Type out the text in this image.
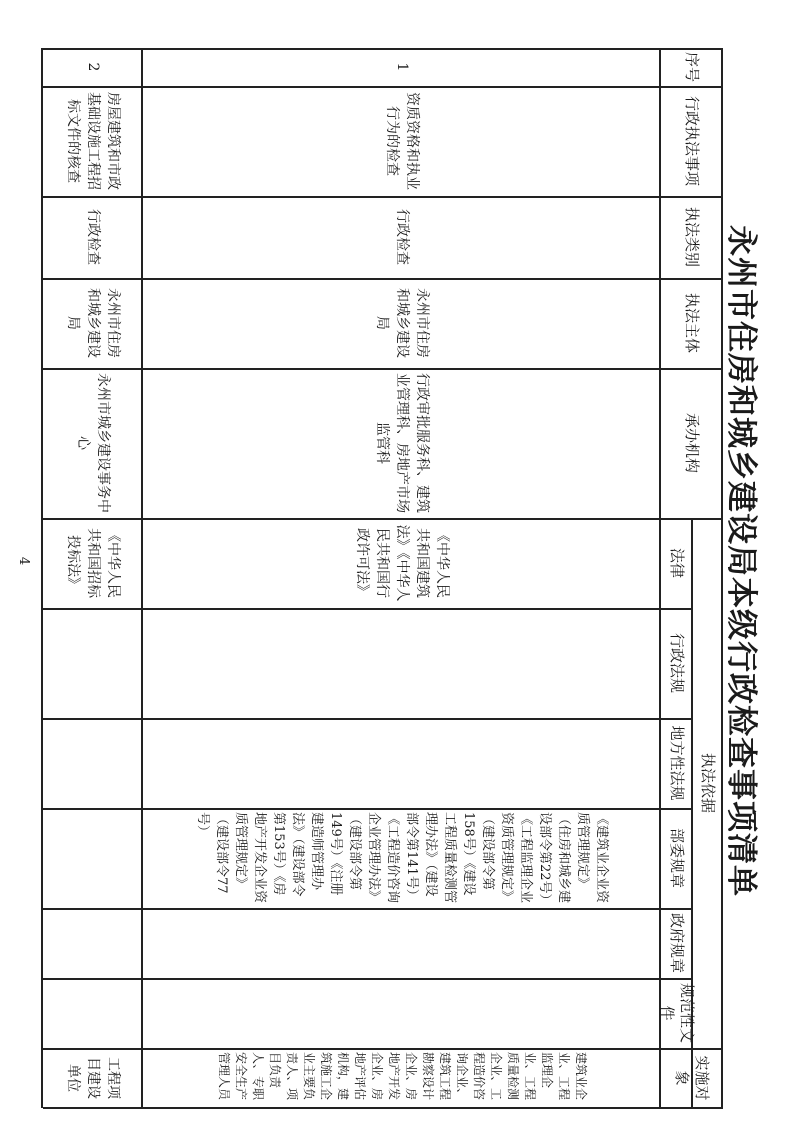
永州市住房和城乡建设局本级行政检查事项清单
序号
行政执法事项
执法类别
执法主体
承办机构
执法依据
法律
行政法规
地方性法规
部委规章
政府规章
规范性文件
实施对象
1
资质资格和执业行为的检查
行政检查
永州市住房和城乡建设局
行政审批服务科、建筑业管理科、房地产市场监管科
《中华人民共和国建筑法》《中华人民共和国行政许可法》
《建筑业企业资质管理规定》（住房和城乡建设部令第22号）《工程监理企业资质管理规定》（建设部令第158号）《建设工程质量检测管理办法》（建设部令第141号）《工程造价咨询企业管理办法》（建设部令第149号）《注册建造师管理办法》（建设部令第153号）《房地产开发企业资质管理规定》（建设部令77号）
建筑业企业、工程监理企业、工程质量检测企业、工程造价咨询企业、建筑工程勘察设计企业、房地产开发企业、房地产评估机构，建筑施工企业主要负责人、项目负责人、专职安全生产管理人员
2
房屋建筑和市政基础设施工程招标文件的核查
行政检查
永州市住房和城乡建设局
永州市城乡建设事务中心
《中华人民共和国招标投标法》
工程项目建设单位
4
